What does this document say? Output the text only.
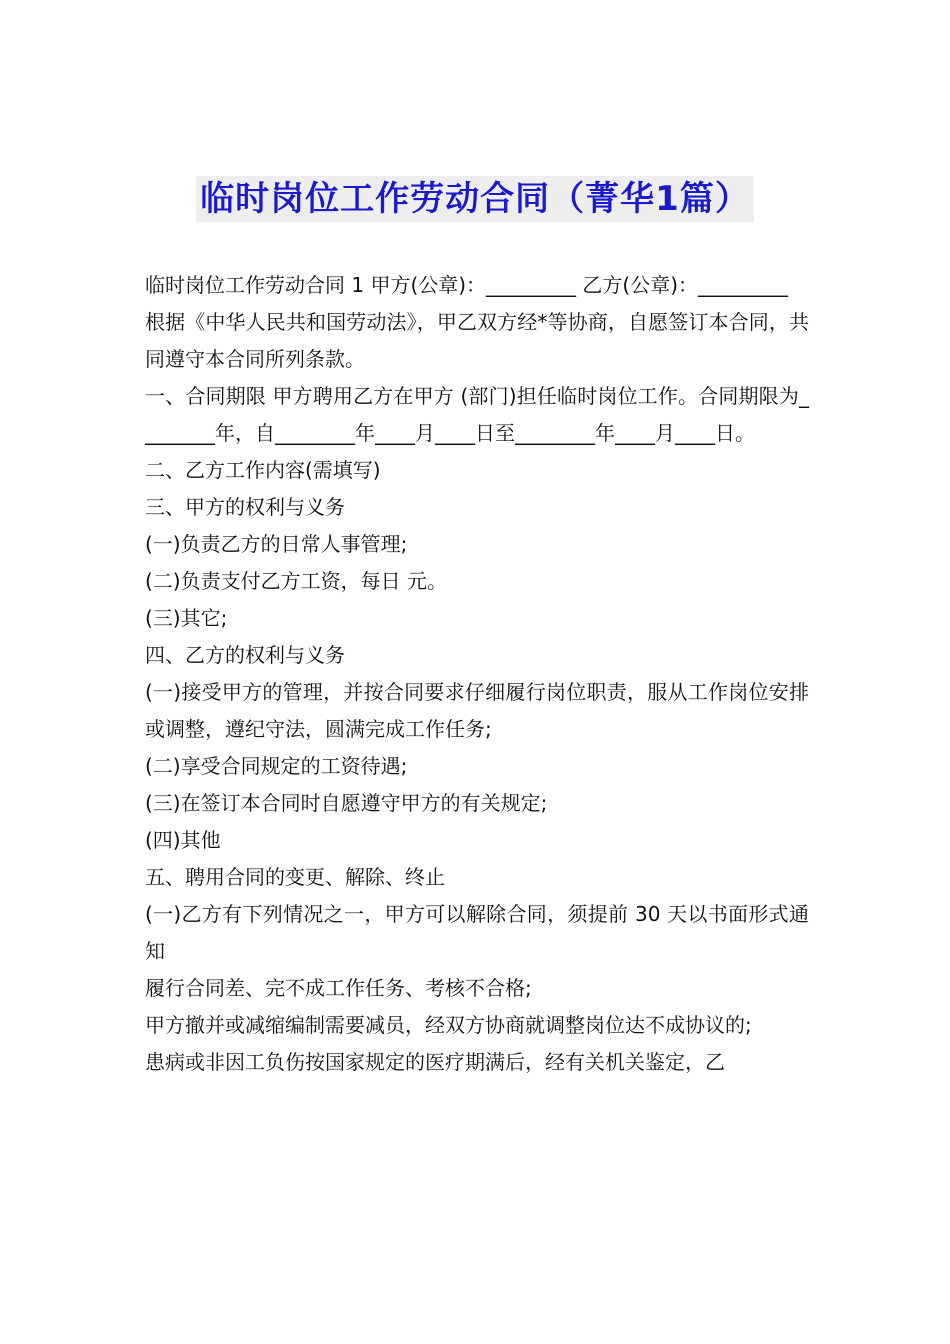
临时岗位工作劳动合同（菁华1篇）

临时岗位工作劳动合同 1 甲方(公章)：_________ 乙方(公章)：_________

根据《中华人民共和国劳动法》，甲乙双方经*等协商，自愿签订本合同，共同遵守本合同所列条款。

一、合同期限 甲方聘用乙方在甲方 (部门)担任临时岗位工作。合同期限为________年，自________年____月____日至________年____月____日。

二、乙方工作内容(需填写)

三、甲方的权利与义务

(一)负责乙方的日常人事管理;

(二)负责支付乙方工资，每日 元。

(三)其它;

四、乙方的权利与义务

(一)接受甲方的管理，并按合同要求仔细履行岗位职责，服从工作岗位安排或调整，遵纪守法，圆满完成工作任务;

(二)享受合同规定的工资待遇;

(三)在签订本合同时自愿遵守甲方的有关规定;

(四)其他

五、聘用合同的变更、解除、终止

(一)乙方有下列情况之一，甲方可以解除合同，须提前 30 天以书面形式通知

履行合同差、完不成工作任务、考核不合格;

甲方撤并或减缩编制需要减员，经双方协商就调整岗位达不成协议的;

患病或非因工负伤按国家规定的医疗期满后，经有关机关鉴定，乙
